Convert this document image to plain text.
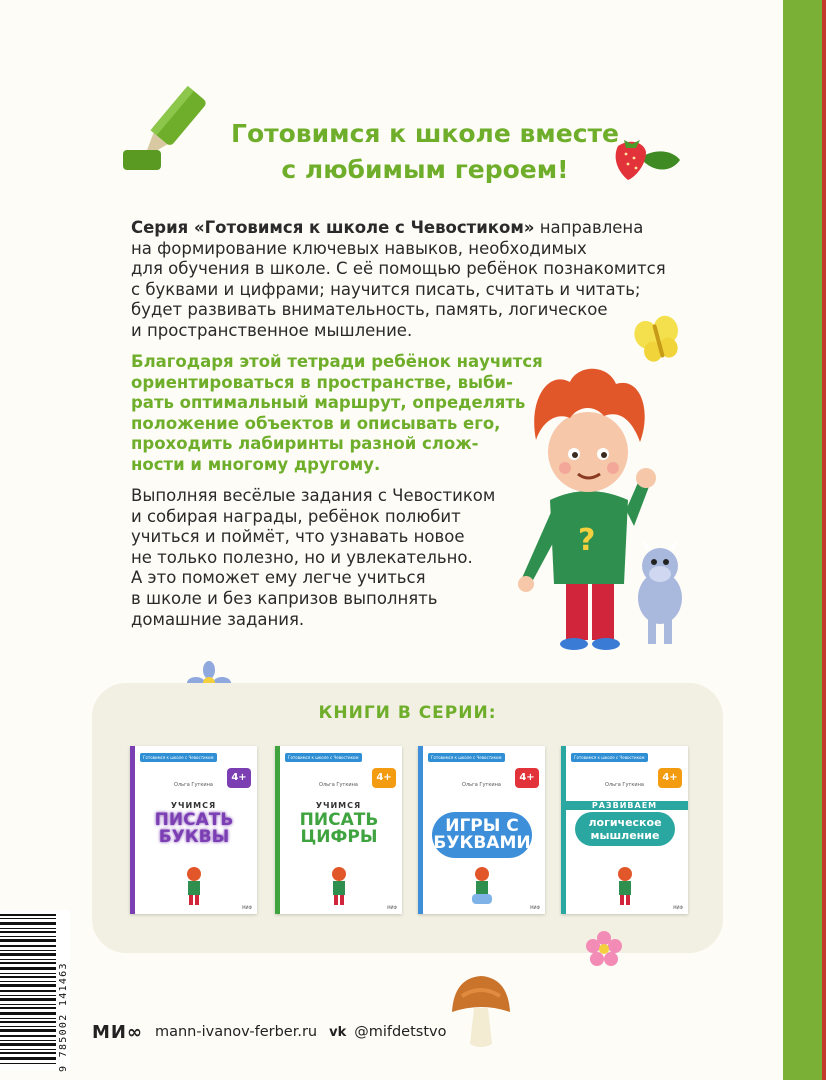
Готовимся к школе вместе
с любимым героем!
Серия «Готовимся к школе с Чевостиком» направлена
на формирование ключевых навыков, необходимых
для обучения в школе. С её помощью ребёнок познакомится
с буквами и цифрами; научится писать, считать и читать;
будет развивать внимательность, память, логическое
и пространственное мышление.
Благодаря этой тетради ребёнок научится
ориентироваться в пространстве, выби-
рать оптимальный маршрут, определять
положение объектов и описывать его,
проходить лабиринты разной слож-
ности и многому другому.
Выполняя весёлые задания с Чевостиком
и собирая награды, ребёнок полюбит
учиться и поймёт, что узнавать новое
не только полезно, но и увлекательно.
А это поможет ему легче учиться
в школе и без капризов выполнять
домашние задания.
?
КНИГИ В СЕРИИ:
Готовимся к школе с Чевостиком
4+
Ольга Гуткина
УЧИМСЯ
ПИСАТЬ БУКВЫ
МИФ
Готовимся к школе с Чевостиком
4+
Ольга Гуткина
УЧИМСЯ
ПИСАТЬ ЦИФРЫ
МИФ
Готовимся к школе с Чевостиком
4+
Ольга Гуткина
ИГРЫ С БУКВАМИ
МИФ
Готовимся к школе с Чевостиком
4+
Ольга Гуткина
РАЗВИВАЕМ
логическое мышление
МИФ
9 785002 141463 МИ∞ mann-ivanov-ferber.ru vk @mifdetstvo
